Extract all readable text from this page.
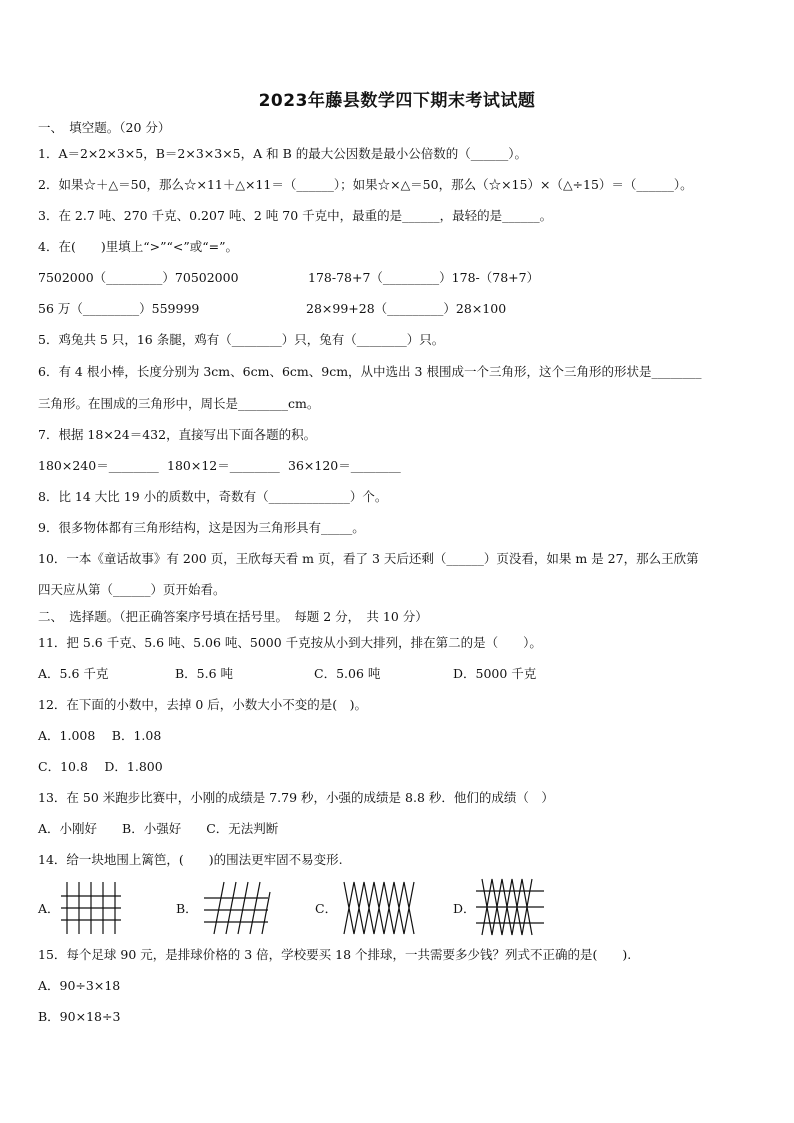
2023年藤县数学四下期末考试试题
一、　填空题。（20 分）
1．A＝2×2×3×5，B＝2×3×3×5，A 和 B 的最大公因数是最小公倍数的（______）。
2．如果☆＋△＝50，那么☆×11＋△×11＝（______）；如果☆×△＝50，那么（☆×15）×（△÷15）＝（______）。
3．在 2.7 吨、270 千克、0.207 吨、2 吨 70 千克中，最重的是______，最轻的是______。
4．在(　　)里填上“>”“<”或“=”。
7502000（_________）70502000	178-78+7（_________）178-（78+7）
56 万（_________）559999	28×99+28（_________）28×100
5．鸡兔共 5 只，16 条腿，鸡有（________）只，兔有（________）只。
6．有 4 根小棒，长度分别为 3cm、6cm、6cm、9cm，从中选出 3 根围成一个三角形，这个三角形的形状是________
三角形。在围成的三角形中，周长是________cm。
7．根据 18×24＝432，直接写出下面各题的积。
180×240＝________ 180×12＝________ 36×120＝________
8．比 14 大比 19 小的质数中，奇数有（_____________）个。
9．很多物体都有三角形结构，这是因为三角形具有_____。
10．一本《童话故事》有 200 页，王欣每天看 m 页，看了 3 天后还剩（______）页没看，如果 m 是 27，那么王欣第
四天应从第（______）页开始看。
二、　选择题。（把正确答案序号填在括号里。　每题 2 分，　共 10 分）
11．把 5.6 千克、5.6 吨、5.06 吨、5000 千克按从小到大排列，排在第二的是（　　）。
A．5.6 千克	B．5.6 吨	C．5.06 吨	D．5000 千克
12．在下面的小数中，去掉 0 后，小数大小不变的是(　)。
A．1.008　 B．1.08
C．10.8　 D．1.800
13．在 50 米跑步比赛中，小刚的成绩是 7.79 秒，小强的成绩是 8.8 秒．他们的成绩（　）
A．小刚好　　B．小强好　　C．无法判断
14．给一块地围上篱笆，(　　)的围法更牢固不易变形.
A．	B．	C．	D．
15．每个足球 90 元，是排球价格的 3 倍，学校要买 18 个排球，一共需要多少钱？列式不正确的是(　　).
A．90÷3×18
B．90×18÷3
